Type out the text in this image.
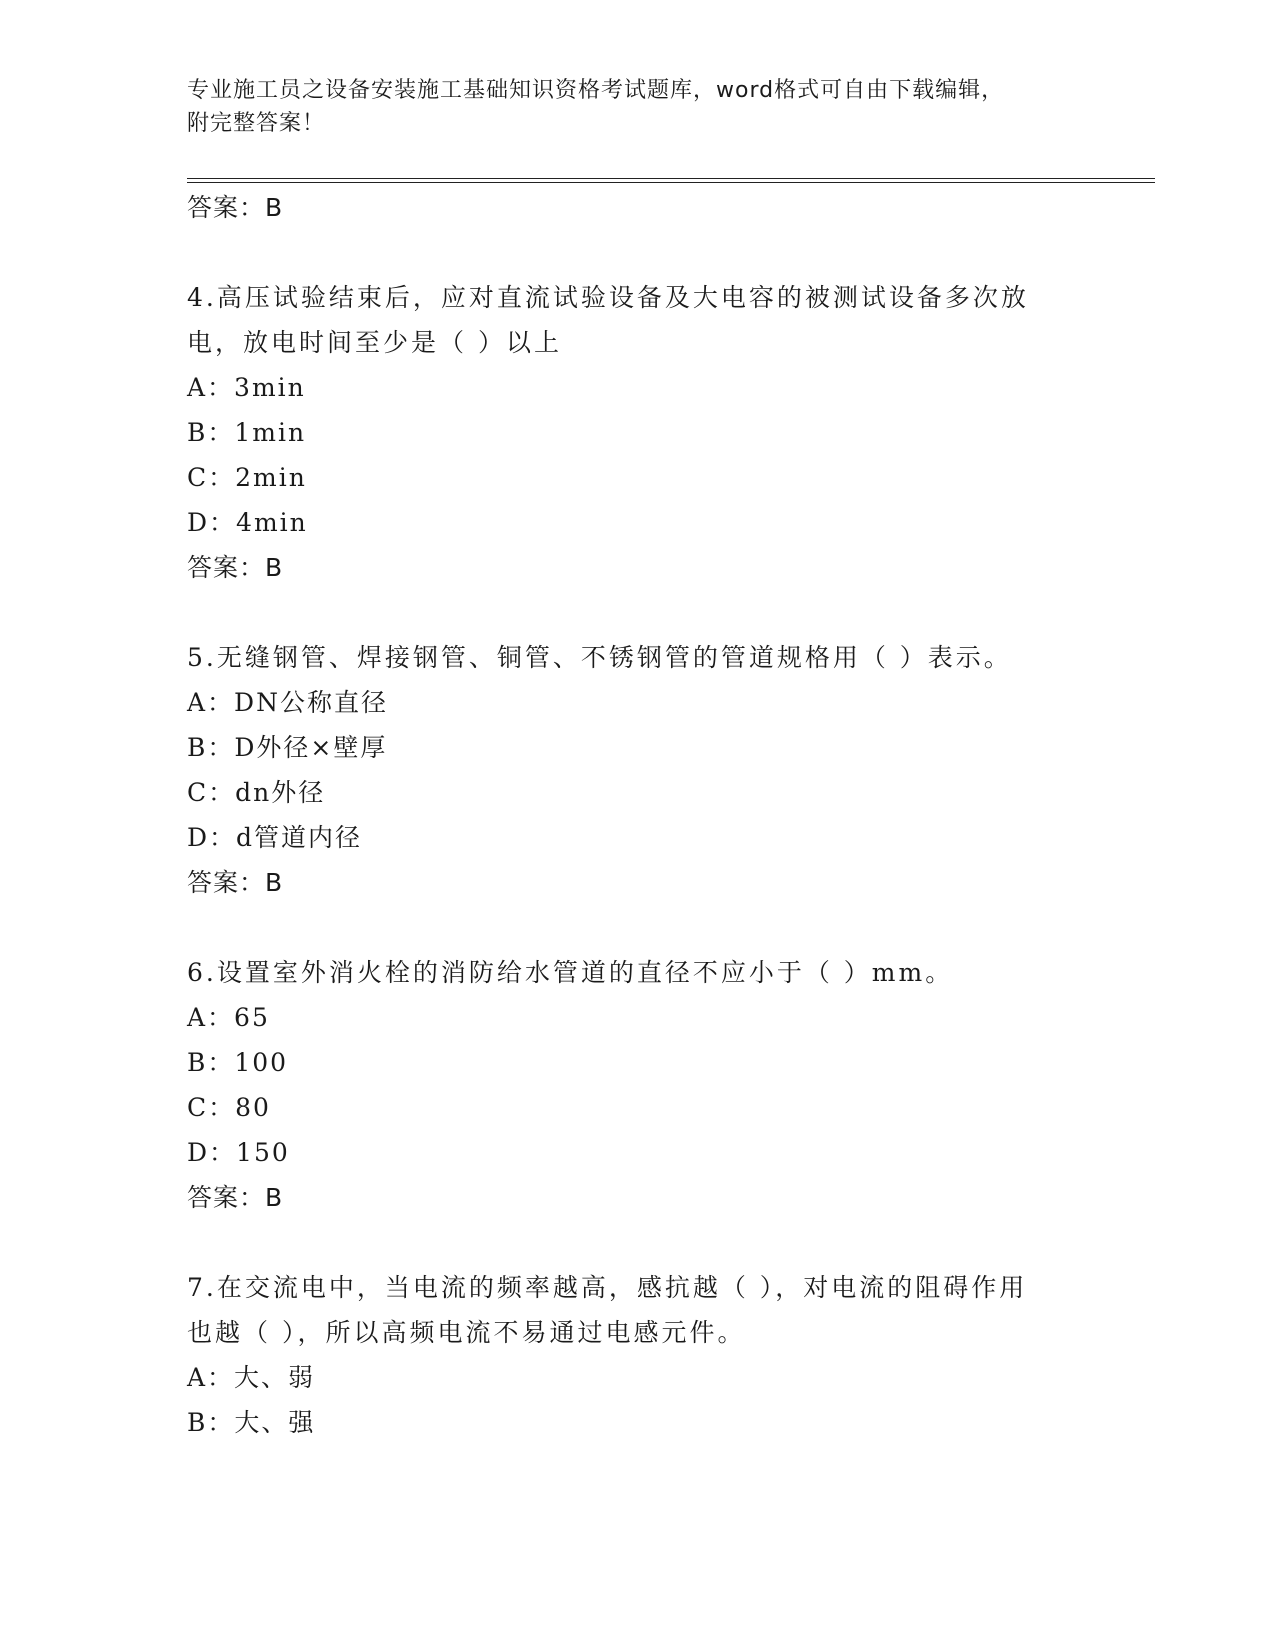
专业施工员之设备安装施工基础知识资格考试题库，word格式可自由下载编辑，
附完整答案！
答案：B
4.高压试验结束后，应对直流试验设备及大电容的被测试设备多次放
电，放电时间至少是（ ）以上
A：3min
B：1min
C：2min
D：4min
答案：B
5.无缝钢管、焊接钢管、铜管、不锈钢管的管道规格用（ ）表示。
A：DN公称直径
B：D外径×壁厚
C：dn外径
D：d管道内径
答案：B
6.设置室外消火栓的消防给水管道的直径不应小于（ ）mm。
A：65
B：100
C：80
D：150
答案：B
7.在交流电中，当电流的频率越高，感抗越（ ），对电流的阻碍作用
也越（ ），所以高频电流不易通过电感元件。
A：大、弱
B：大、强
